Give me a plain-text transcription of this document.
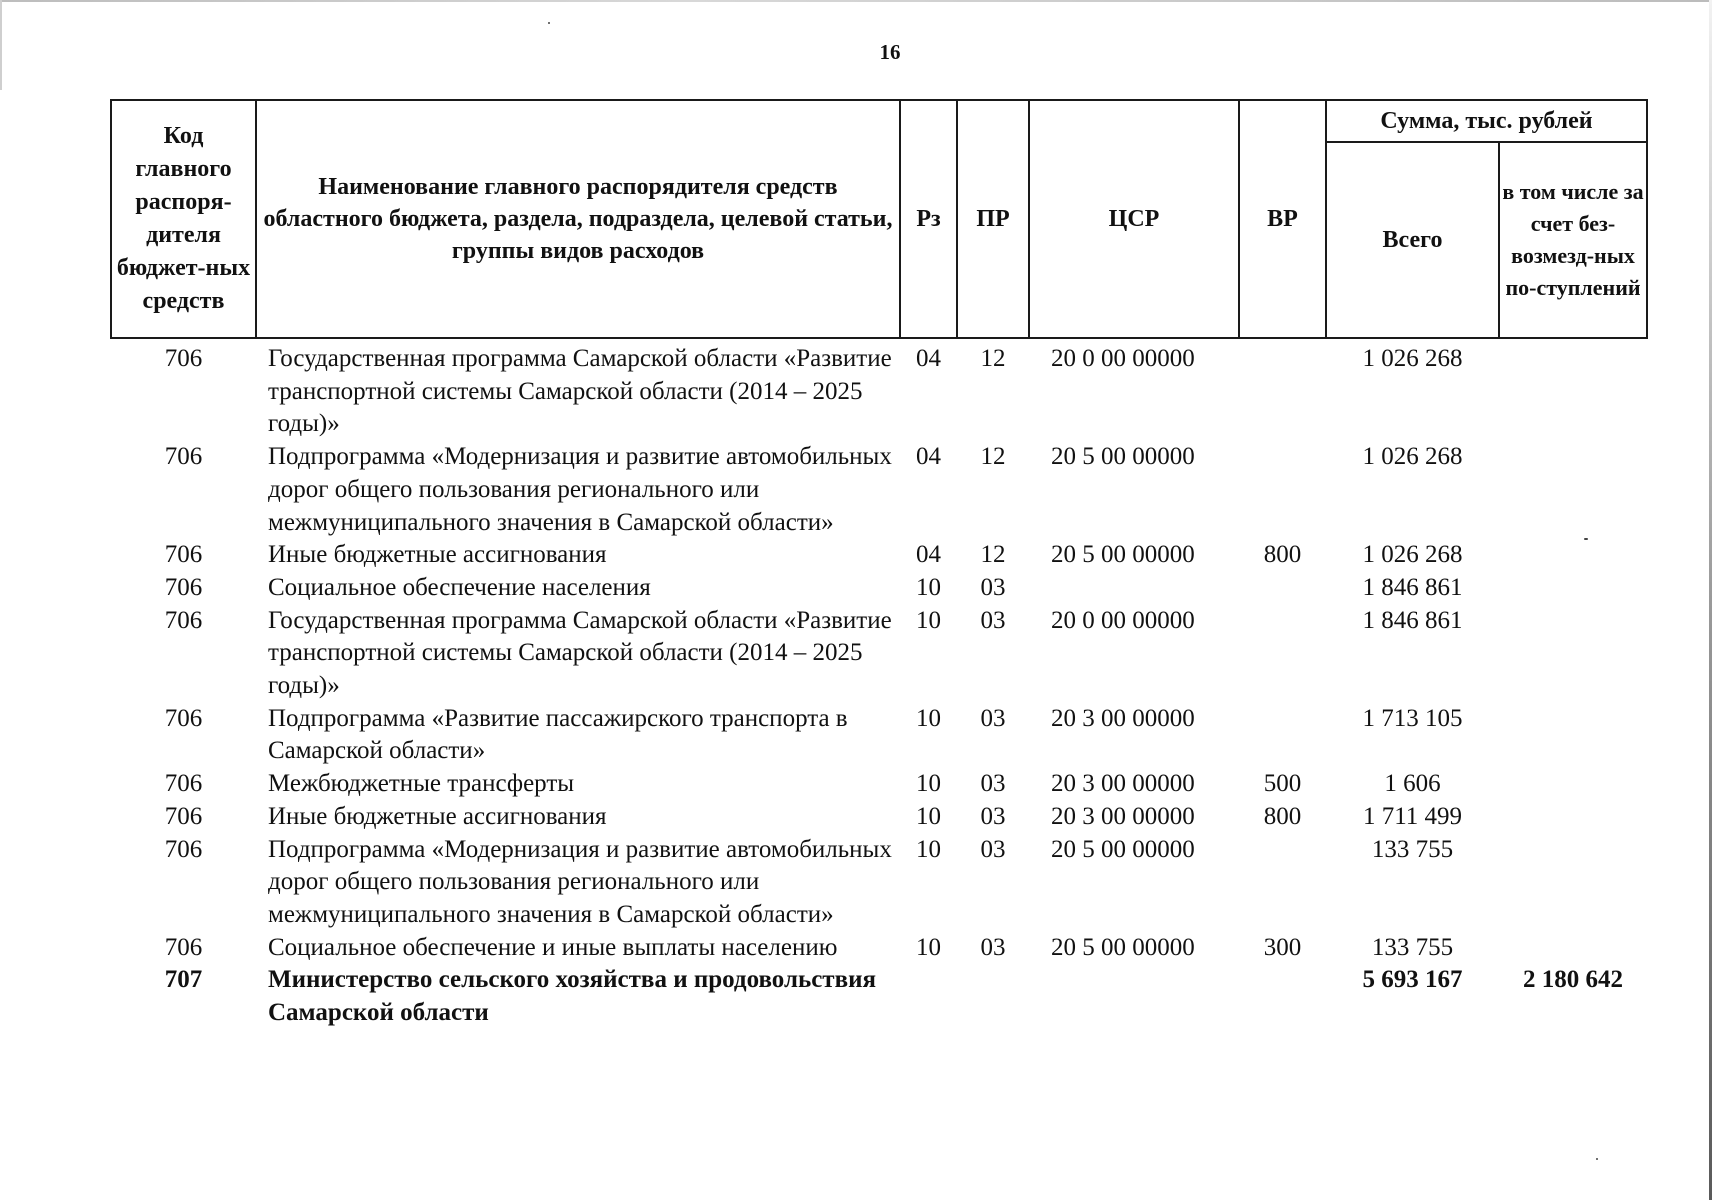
16
Код главного распоря-дителя бюджет-ных средств	Наименование главного распорядителя средств областного бюджета, раздела, подраздела, целевой статьи, группы видов расходов	Рз	ПР	ЦСР	ВР	Сумма, тыс. рублей	
						Всего	в том числе за счет без-возмезд-ных по-ступлений
706	Государственная программа Самарской области «Развитие транспортной системы Самарской области (2014 – 2025 годы)»	04	12	20 0 00 00000		1 026 268	
706	Подпрограмма «Модернизация и развитие автомобильных дорог общего пользования регионального или межмуниципального значения в Самарской области»	04	12	20 5 00 00000		1 026 268	
706	Иные бюджетные ассигнования	04	12	20 5 00 00000	800	1 026 268	
706	Социальное обеспечение населения	10	03			1 846 861	
706	Государственная программа Самарской области «Развитие транспортной системы Самарской области (2014 – 2025 годы)»	10	03	20 0 00 00000		1 846 861	
706	Подпрограмма «Развитие пассажирского транспорта в Самарской области»	10	03	20 3 00 00000		1 713 105	
706	Межбюджетные трансферты	10	03	20 3 00 00000	500	1 606	
706	Иные бюджетные ассигнования	10	03	20 3 00 00000	800	1 711 499	
706	Подпрограмма «Модернизация и развитие автомобильных дорог общего пользования регионального или межмуниципального значения в Самарской области»	10	03	20 5 00 00000		133 755	
706	Социальное обеспечение и иные выплаты населению	10	03	20 5 00 00000	300	133 755	
707	Министерство сельского хозяйства и продовольствия Самарской области					5 693 167	2 180 642
